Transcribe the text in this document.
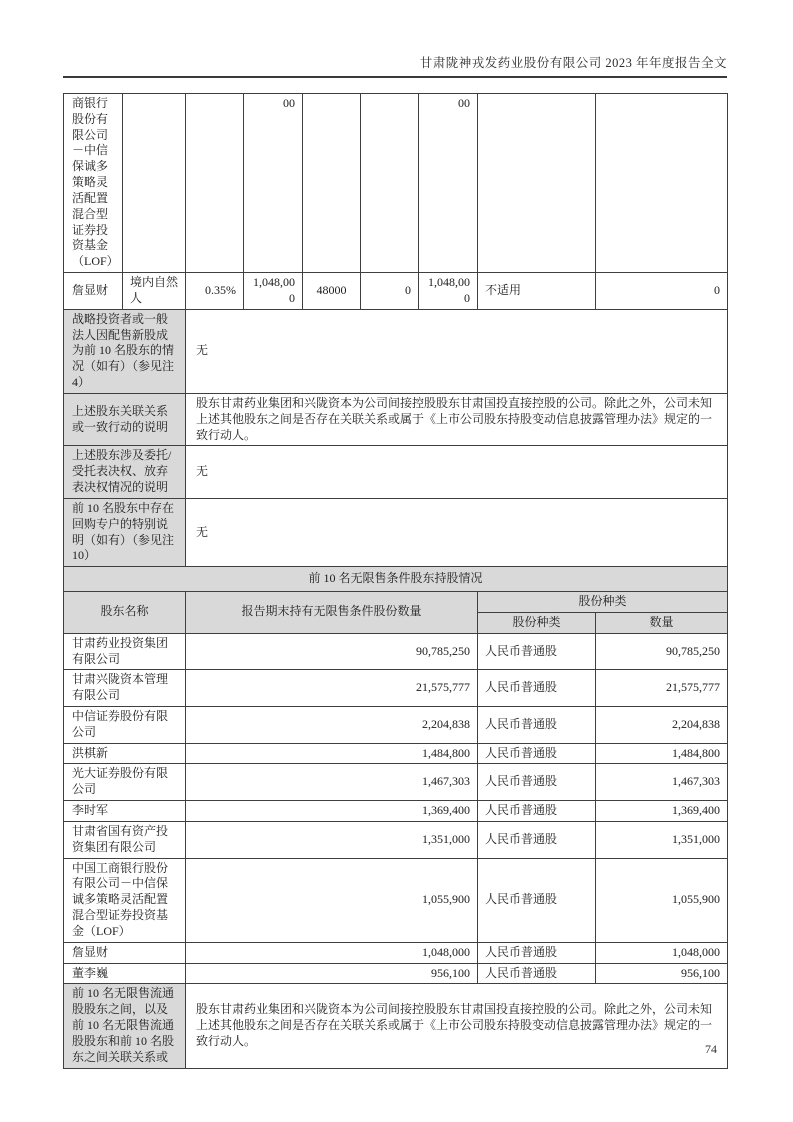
甘肃陇神戎发药业股份有限公司 2023 年年度报告全文
商银行股份有限公司－中信保诚多策略灵活配置混合型证券投资基金（LOF）			00			00		
詹显财	境内自然人	0.35%	1,048,000	48000	0	1,048,000	不适用	0
战略投资者或一般法人因配售新股成为前 10 名股东的情况（如有）（参见注 4）		无						
上述股东关联关系或一致行动的说明		股东甘肃药业集团和兴陇资本为公司间接控股股东甘肃国投直接控股的公司。除此之外，公司未知上述其他股东之间是否存在关联关系或属于《上市公司股东持股变动信息披露管理办法》规定的一致行动人。						
上述股东涉及委托/受托表决权、放弃表决权情况的说明		无						
前 10 名股东中存在回购专户的特别说明（如有）（参见注 10）		无						
前 10 名无限售条件股东持股情况			
股东名称	报告期末持有无限售条件股份数量	股份种类	
		股份种类	数量
甘肃药业投资集团有限公司	90,785,250	人民币普通股	90,785,250
甘肃兴陇资本管理有限公司	21,575,777	人民币普通股	21,575,777
中信证券股份有限公司	2,204,838	人民币普通股	2,204,838
洪棋新	1,484,800	人民币普通股	1,484,800
光大证券股份有限公司	1,467,303	人民币普通股	1,467,303
李时军	1,369,400	人民币普通股	1,369,400
甘肃省国有资产投资集团有限公司	1,351,000	人民币普通股	1,351,000
中国工商银行股份有限公司－中信保诚多策略灵活配置混合型证券投资基金（LOF）	1,055,900	人民币普通股	1,055,900
詹显财	1,048,000	人民币普通股	1,048,000
董李巍	956,100	人民币普通股	956,100
前 10 名无限售流通股股东之间，以及前 10 名无限售流通股股东和前 10 名股东之间关联关系或	股东甘肃药业集团和兴陇资本为公司间接控股股东甘肃国投直接控股的公司。除此之外，公司未知上述其他股东之间是否存在关联关系或属于《上市公司股东持股变动信息披露管理办法》规定的一致行动人。		
74
